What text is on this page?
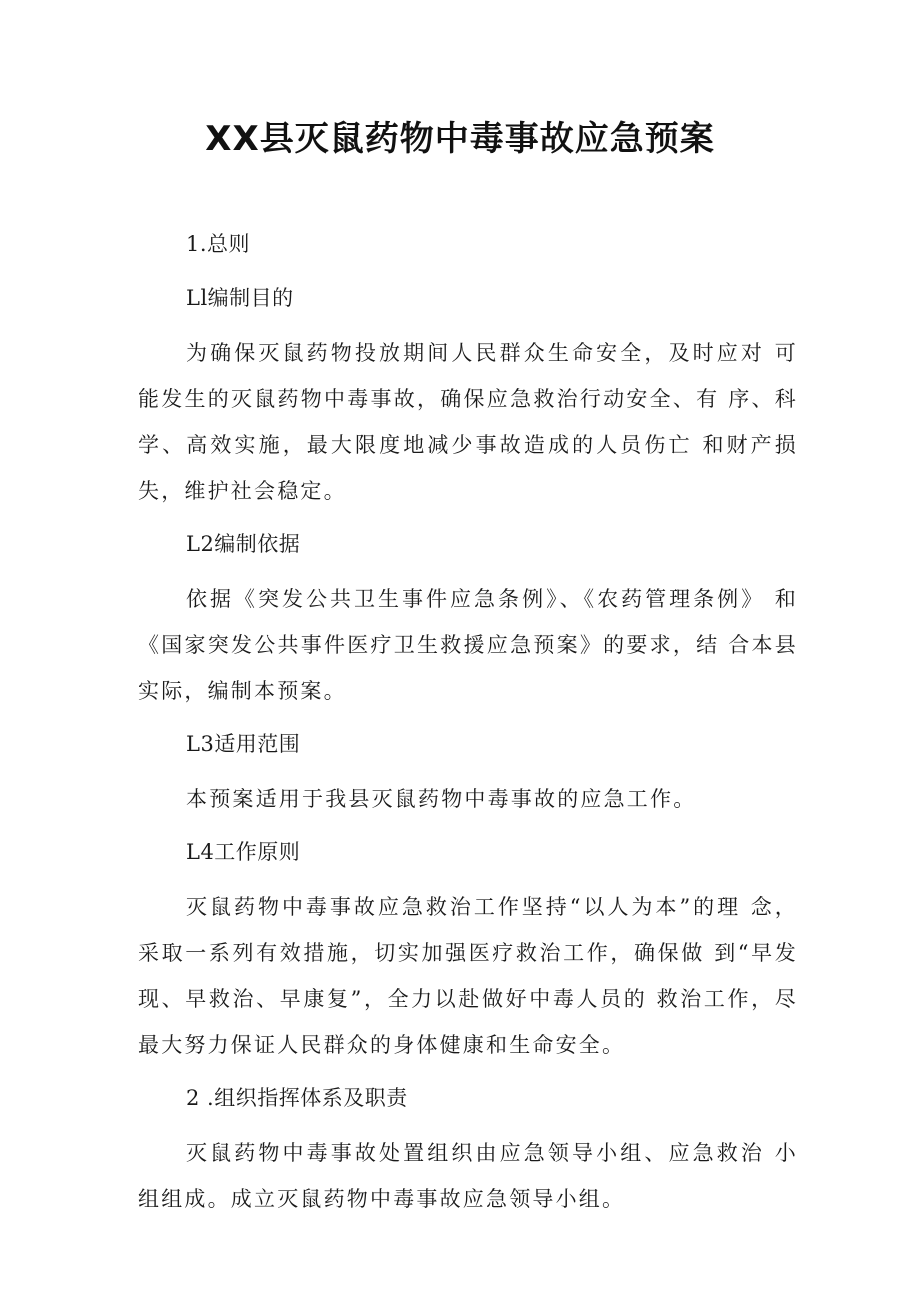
XX县灭鼠药物中毒事故应急预案

1.总则

Ll编制目的

为确保灭鼠药物投放期间人民群众生命安全，及时应对 可能发生的灭鼠药物中毒事故，确保应急救治行动安全、有 序、科学、高效实施，最大限度地减少事故造成的人员伤亡 和财产损失，维护社会稳定。

L2编制依据

依据《突发公共卫生事件应急条例》、《农药管理条例》 和《国家突发公共事件医疗卫生救援应急预案》的要求，结 合本县实际，编制本预案。

L3适用范围

本预案适用于我县灭鼠药物中毒事故的应急工作。

L4工作原则

灭鼠药物中毒事故应急救治工作坚持“以人为本”的理 念，采取一系列有效措施，切实加强医疗救治工作，确保做 到“早发现、早救治、早康复”，全力以赴做好中毒人员的 救治工作，尽最大努力保证人民群众的身体健康和生命安全。

2 .组织指挥体系及职责

灭鼠药物中毒事故处置组织由应急领导小组、应急救治 小组组成。成立灭鼠药物中毒事故应急领导小组。
